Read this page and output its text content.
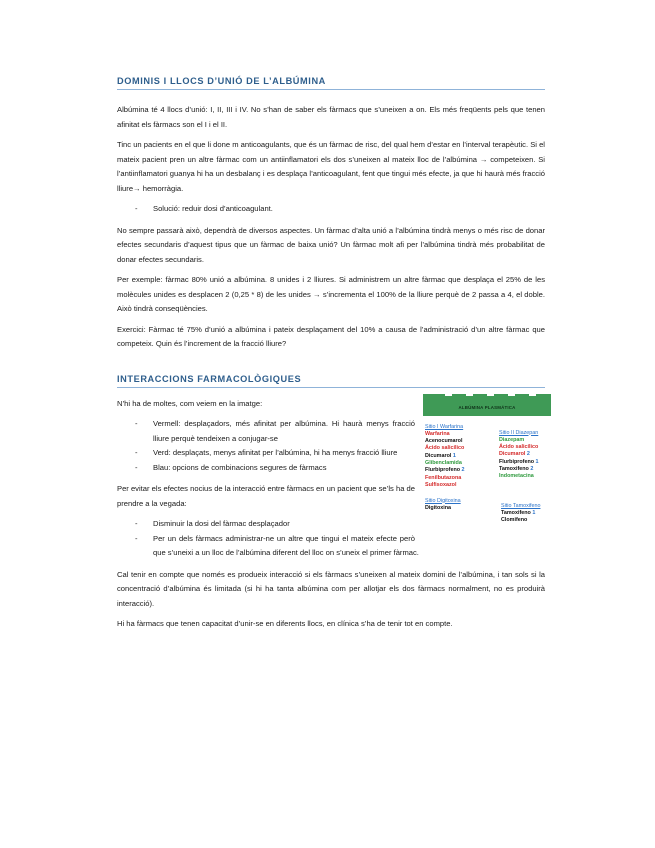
DOMINIS I LLOCS D’UNIÓ DE L’ALBÚMINA

Albúmina té 4 llocs d’unió: I, II, III i IV. No s’han de saber els fàrmacs que s’uneixen a on. Els més freqüents pels que tenen afinitat els fàrmacs son el I i el II.

Tinc un pacients en el que li done m anticoagulants, que és un fàrmac de risc, del qual hem d’estar en l’interval terapèutic. Si el mateix pacient pren un altre fàrmac com un antiinflamatori els dos s’uneixen al mateix lloc de l’albúmina → competeixen. Si l’antiinflamatori guanya hi ha un desbalanç i es desplaça l’anticoagulant, fent que tingui més efecte, ja que hi haurà més fracció lliure→ hemorràgia.

- Solució: reduir dosi d’anticoagulant.

No sempre passarà això, dependrà de diversos aspectes. Un fàrmac d’alta unió a l’albúmina tindrà menys o més risc de donar efectes secundaris d’aquest tipus que un fàrmac de baixa unió? Un fàrmac molt afi per l’albúmina tindrà més probabilitat de donar efectes secundaris.

Per exemple: fàrmac 80% unió a albúmina. 8 unides i 2 lliures. Si administrem un altre fàrmac que desplaça el 25% de les molècules unides es desplacen 2 (0,25 * 8) de les unides → s’incrementa el 100% de la lliure perquè de 2 passa a 4, el doble. Això tindrà conseqüències.

Exercici: Fàrmac té 75% d’unió a albúmina i pateix desplaçament del 10% a causa de l’administració d’un altre fàrmac que competeix. Quin és l’increment de la fracció lliure?

INTERACCIONS FARMACOLÒGIQUES
ALBÚMINA PLASMÁTICA
Sitio I Warfarina
Warfarina
Acenocumarol
Ácido salicílico
Dicumarol 1
Glibenclamida
Flurbiprofeno 2
Fenilbutazona
Sulfisoxazol
Sitio II Diazepan
Diazepam
Ácido salicílico
Dicumarol 2
Flurbiprofeno 1
Tamoxifeno 2
Indometacina
Sitio Digitoxina
Digitoxina	Sitio Tamoxifeno
Tamoxifeno 1
Clomifeno

N’hi ha de moltes, com veiem en la imatge:

- Vermell: desplaçadors, més afinitat per albúmina. Hi haurà menys fracció lliure perquè tendeixen a conjugar-se
- Verd: desplaçats, menys afinitat per l’albúmina, hi ha menys fracció lliure
- Blau: opcions de combinacions segures de fàrmacs

Per evitar els efectes nocius de la interacció entre fàrmacs en un pacient que se’ls ha de prendre a la vegada:

- Disminuir la dosi del fàrmac desplaçador
- Per un dels fàrmacs administrar-ne un altre que tingui el mateix efecte però que s’uneixi a un lloc de l’albúmina diferent del lloc on s’uneix el primer fàrmac.

Cal tenir en compte que només es produeix interacció si els fàrmacs s’uneixen al mateix domini de l’albúmina, i tan sols si la concentració d’albúmina és limitada (si hi ha tanta albúmina com per allotjar els dos fàrmacs normalment, no es produirà interacció).

Hi ha fàrmacs que tenen capacitat d’unir-se en diferents llocs, en clínica s’ha de tenir tot en compte.
